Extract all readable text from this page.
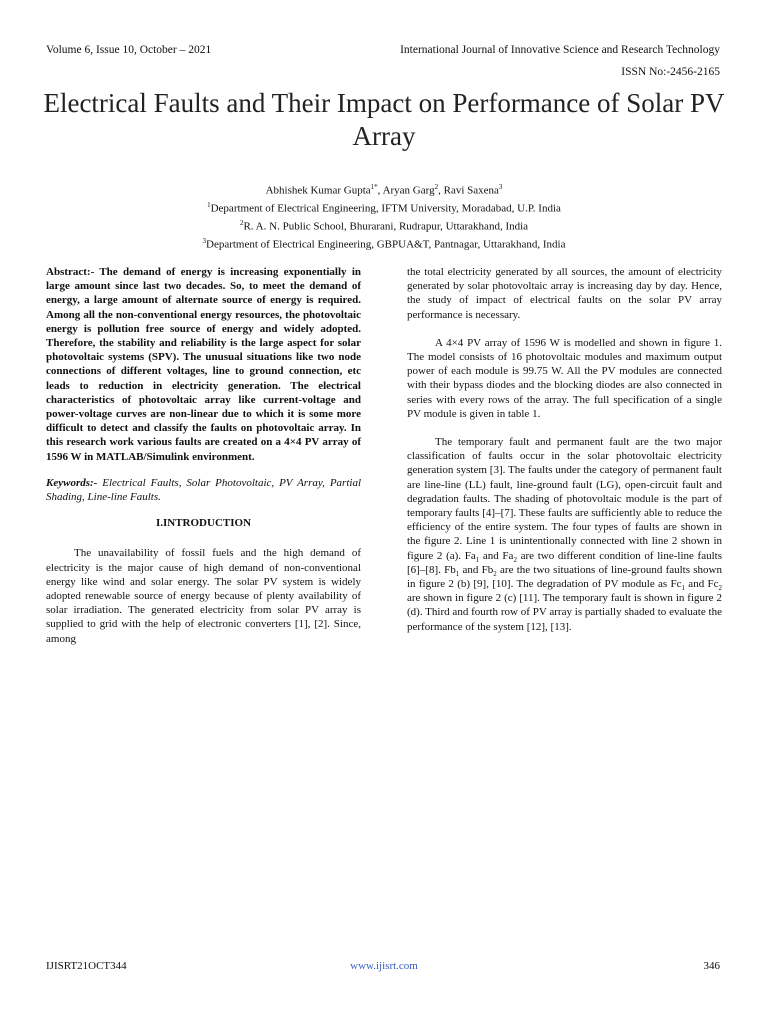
Volume 6, Issue 10, October – 2021	International Journal of Innovative Science and Research Technology
ISSN No:-2456-2165
Electrical Faults and Their Impact on Performance of Solar PV Array
Abhishek Kumar Gupta$^{1*}$, Aryan Garg$^2$, Ravi Saxena$^3$
$^1$Department of Electrical Engineering, IFTM University, Moradabad, U.P. India
$^2$R. A. N. Public School, Bhurarani, Rudrapur, Uttarakhand, India
$^3$Department of Electrical Engineering, GBPUA&T, Pantnagar, Uttarakhand, India

Abstract:- The demand of energy is increasing exponentially in large amount since last two decades. So, to meet the demand of energy, a large amount of alternate source of energy is required. Among all the non-conventional energy resources, the photovoltaic energy is pollution free source of energy and widely adopted. Therefore, the stability and reliability is the large aspect for solar photovoltaic systems (SPV). The unusual situations like two node connections of different voltages, line to ground connection, etc leads to reduction in electricity generation. The electrical characteristics of photovoltaic array like current-voltage and power-voltage curves are non-linear due to which it is some more difficult to detect and classify the faults on photovoltaic array. In this research work various faults are created on a 4×4 PV array of 1596 W in MATLAB/Simulink environment.

Keywords:- Electrical Faults, Solar Photovoltaic, PV Array, Partial Shading, Line-line Faults.

I.INTRODUCTION

The unavailability of fossil fuels and the high demand of electricity is the major cause of high demand of non-conventional energy like wind and solar energy. The solar PV system is widely adopted renewable source of energy because of plenty availability of solar irradiation. The generated electricity from solar PV array is supplied to grid with the help of electronic converters [1], [2]. Since, among

the total electricity generated by all sources, the amount of electricity generated by solar photovoltaic array is increasing day by day. Hence, the study of impact of electrical faults on the solar PV array performance is necessary.

A 4×4 PV array of 1596 W is modelled and shown in figure 1. The model consists of 16 photovoltaic modules and maximum output power of each module is 99.75 W. All the PV modules are connected with their bypass diodes and the blocking diodes are also connected in series with every rows of the array. The full specification of a single PV module is given in table 1.

The temporary fault and permanent fault are the two major classification of faults occur in the solar photovoltaic electricity generation system [3]. The faults under the category of permanent fault are line-line (LL) fault, line-ground fault (LG), open-circuit fault and degradation faults. The shading of photovoltaic module is the part of temporary faults [4]–[7]. These faults are sufficiently able to reduce the efficiency of the entire system. The four types of faults are shown in the figure 2. Line 1 is unintentionally connected with line 2 shown in figure 2 (a). $Fa_1$ and $Fa_2$ are two different condition of line-line faults [6]–[8]. $Fb_1$ and $Fb_2$ are the two situations of line-ground faults shown in figure 2 (b) [9], [10]. The degradation of PV module as $Fc_1$ and $Fc_2$ are shown in figure 2 (c) [11]. The temporary fault is shown in figure 2 (d). Third and fourth row of PV array is partially shaded to evaluate the performance of the system [12], [13].

IJISRT21OCT344	www.ijisrt.com	346
